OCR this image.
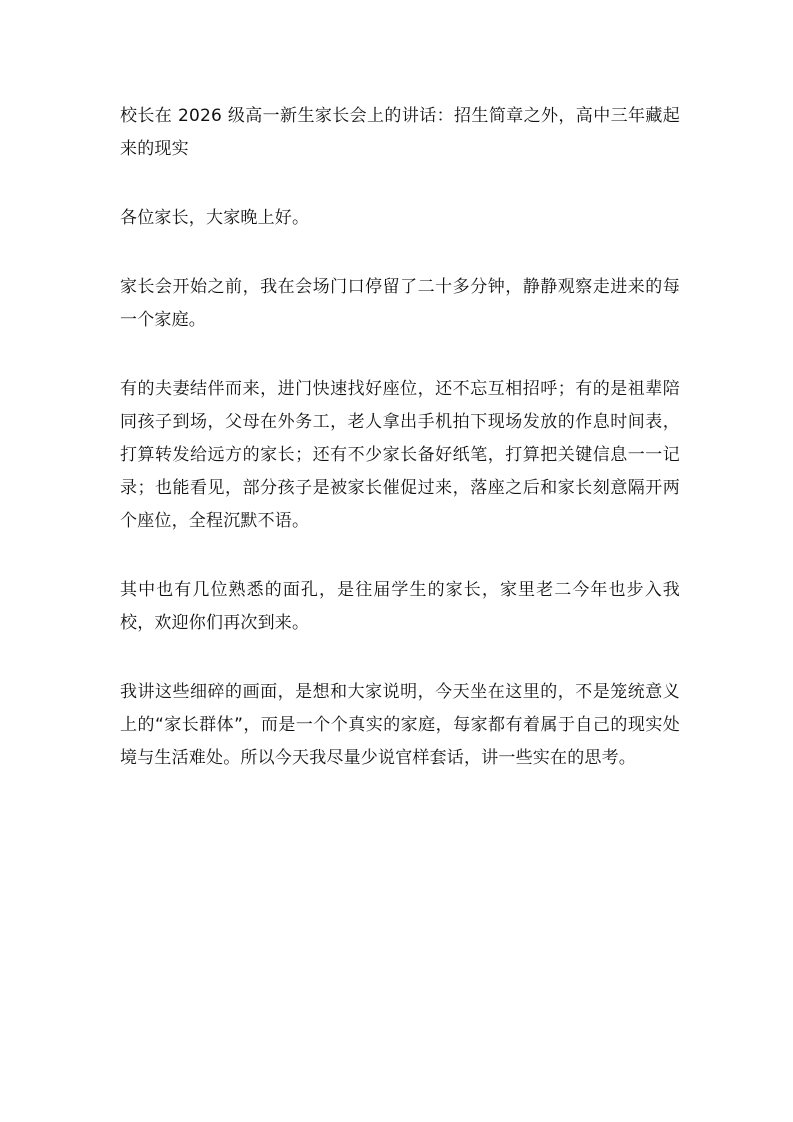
校长在 2026 级高一新生家长会上的讲话：招生简章之外，高中三年藏起来的现实

各位家长，大家晚上好。

家长会开始之前，我在会场门口停留了二十多分钟，静静观察走进来的每一个家庭。

有的夫妻结伴而来，进门快速找好座位，还不忘互相招呼；有的是祖辈陪同孩子到场，父母在外务工，老人拿出手机拍下现场发放的作息时间表，打算转发给远方的家长；还有不少家长备好纸笔，打算把关键信息一一记录；也能看见，部分孩子是被家长催促过来，落座之后和家长刻意隔开两个座位，全程沉默不语。

其中也有几位熟悉的面孔，是往届学生的家长，家里老二今年也步入我校，欢迎你们再次到来。

我讲这些细碎的画面，是想和大家说明，今天坐在这里的，不是笼统意义上的“家长群体”，而是一个个真实的家庭，每家都有着属于自己的现实处境与生活难处。所以今天我尽量少说官样套话，讲一些实在的思考。
